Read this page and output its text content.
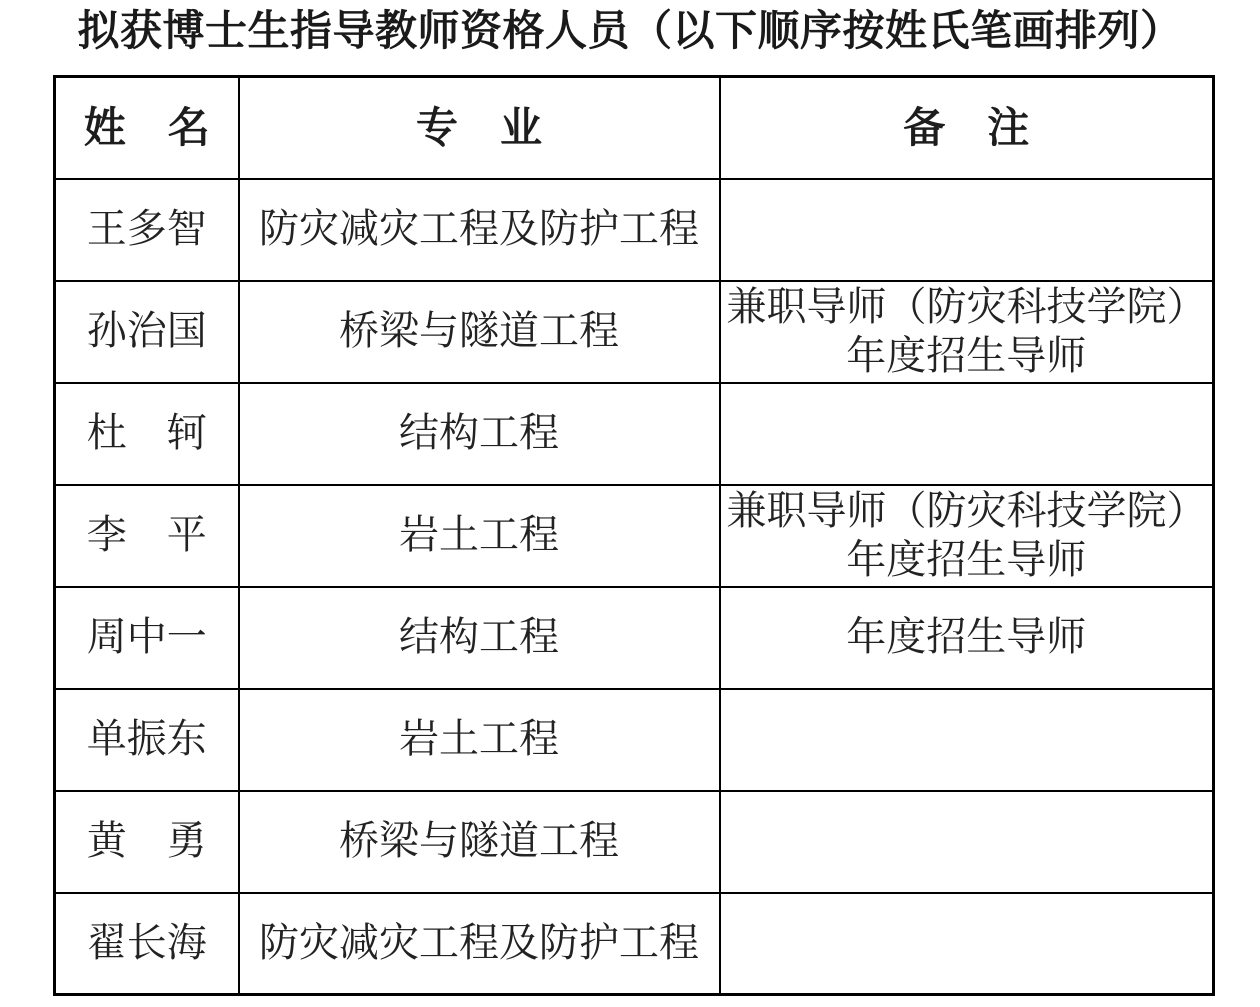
拟获博士生指导教师资格人员（以下顺序按姓氏笔画排列）
姓　名	专　业	备　注
王多智	防灾减灾工程及防护工程	
孙治国	桥梁与隧道工程	兼职导师（防灾科技学院）
年度招生导师

杜　轲	结构工程	
李　平	岩土工程	兼职导师（防灾科技学院）
年度招生导师

周中一	结构工程	年度招生导师

单振东	岩土工程	
黄　勇	桥梁与隧道工程	
翟长海	防灾减灾工程及防护工程	
